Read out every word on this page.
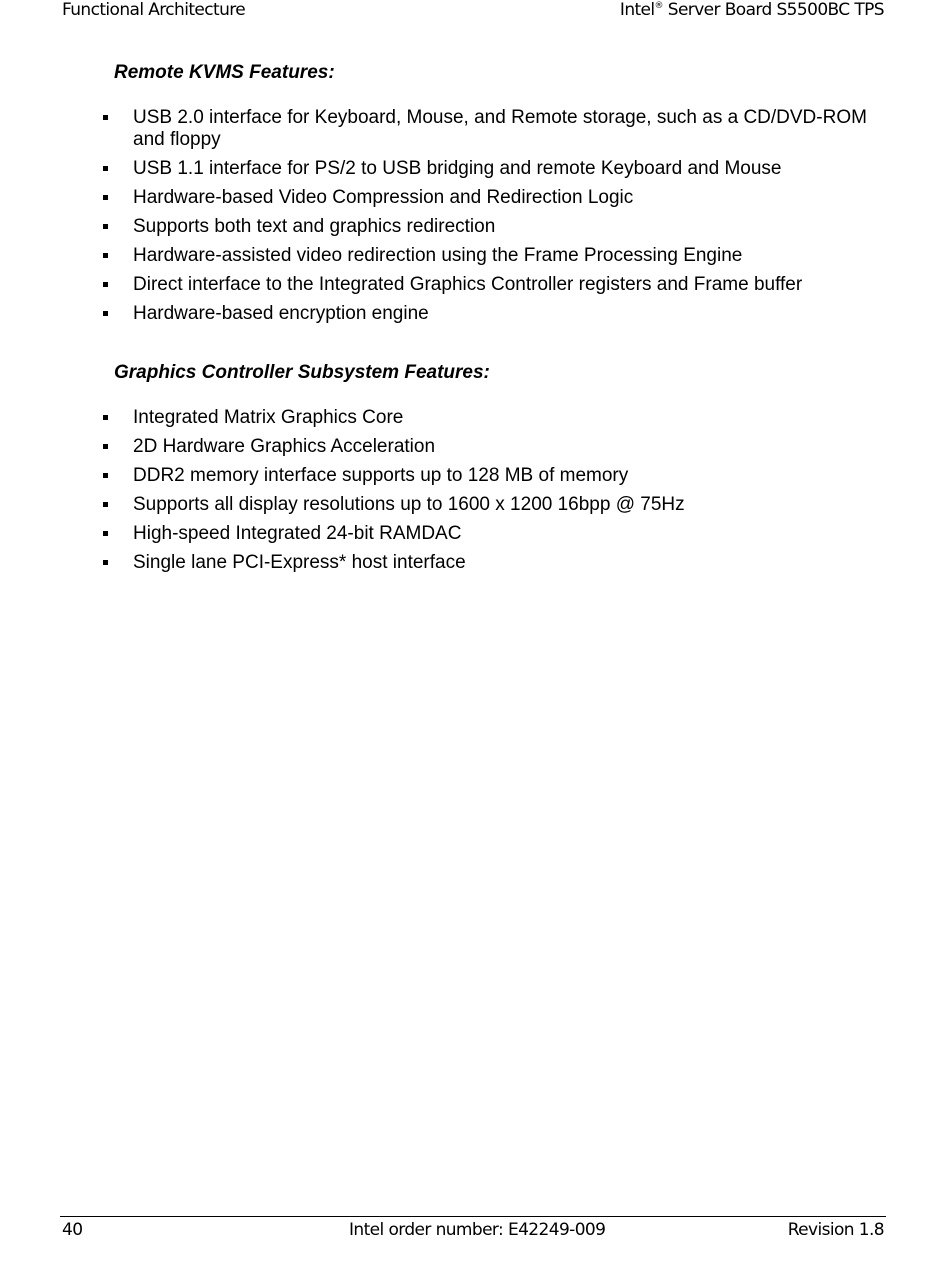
Functional Architecture	Intel® Server Board S5500BC TPS
Remote KVMS Features:
USB 2.0 interface for Keyboard, Mouse, and Remote storage, such as a CD/DVD-ROM and floppy
USB 1.1 interface for PS/2 to USB bridging and remote Keyboard and Mouse
Hardware-based Video Compression and Redirection Logic
Supports both text and graphics redirection
Hardware-assisted video redirection using the Frame Processing Engine
Direct interface to the Integrated Graphics Controller registers and Frame buffer
Hardware-based encryption engine
Graphics Controller Subsystem Features:
Integrated Matrix Graphics Core
2D Hardware Graphics Acceleration
DDR2 memory interface supports up to 128 MB of memory
Supports all display resolutions up to 1600 x 1200 16bpp @ 75Hz
High-speed Integrated 24-bit RAMDAC
Single lane PCI-Express* host interface
40	Intel order number: E42249-009	Revision 1.8
